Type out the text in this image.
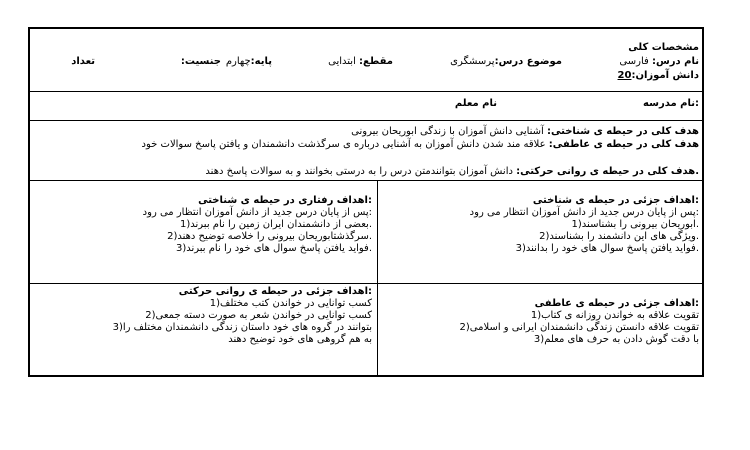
مشخصات کلی
نام درس: فارسی
موضوع درس:پرسشگری
مقطع: ابتدایی
پایه:چهارم
جنسیت:
تعداد
دانش آموزان:20
:نام مدرسه
نام معلم
هدف کلی در حیطه ی شناختی: آشنایی دانش آموزان با زندگی ابوریحان بیرونی
هدف کلی در حیطه ی عاطفی: علاقه مند شدن دانش آموزان به آشنایی درباره ی سرگذشت دانشمندان و یافتن پاسخ سوالات خود
.هدف کلی در حیطه ی روانی حرکتی: دانش آموزان بتوانندمتن درس را به درستی بخوانند و به سوالات پاسخ دهند
:اهداف جزئی در حیطه ی شناختی
:پس از پایان درس جدید از دانش آموزان انتظار می رود
.ابوریحان بیرونی را بشناسند(1
.ویژگی های این دانشمند را بشناسند(2
.فواید یافتن پاسخ سوال های خود را بدانند(3
:اهداف رفتاری در حیطه ی شناختی
:پس از پایان درس جدید از دانش آموزان انتظار می رود
.بعضی از دانشمندان ایران زمین را نام ببرند(1
.سرگذشتابوریحان بیرونی را خلاصه توضیح دهند(2
.فواید یافتن پاسخ سوال های خود را نام ببرند(3
:اهداف جزئی در حیطه ی عاطفی
تقویت علاقه به خواندن روزانه ی کتاب(1
تقویت علاقه دانستن زندگی دانشمندان ایرانی و اسلامی(2
با دقت گوش دادن به حرف های معلم(3
:اهداف جزئی در حیطه ی روانی حرکتی
کسب توانایی در خواندن کتب مختلف(1
کسب توانایی در خواندن شعر به صورت دسته جمعی(2
بتوانند در گروه های خود داستان زندگی دانشمندان مختلف را(3
به هم گروهی های خود توضیح دهند
